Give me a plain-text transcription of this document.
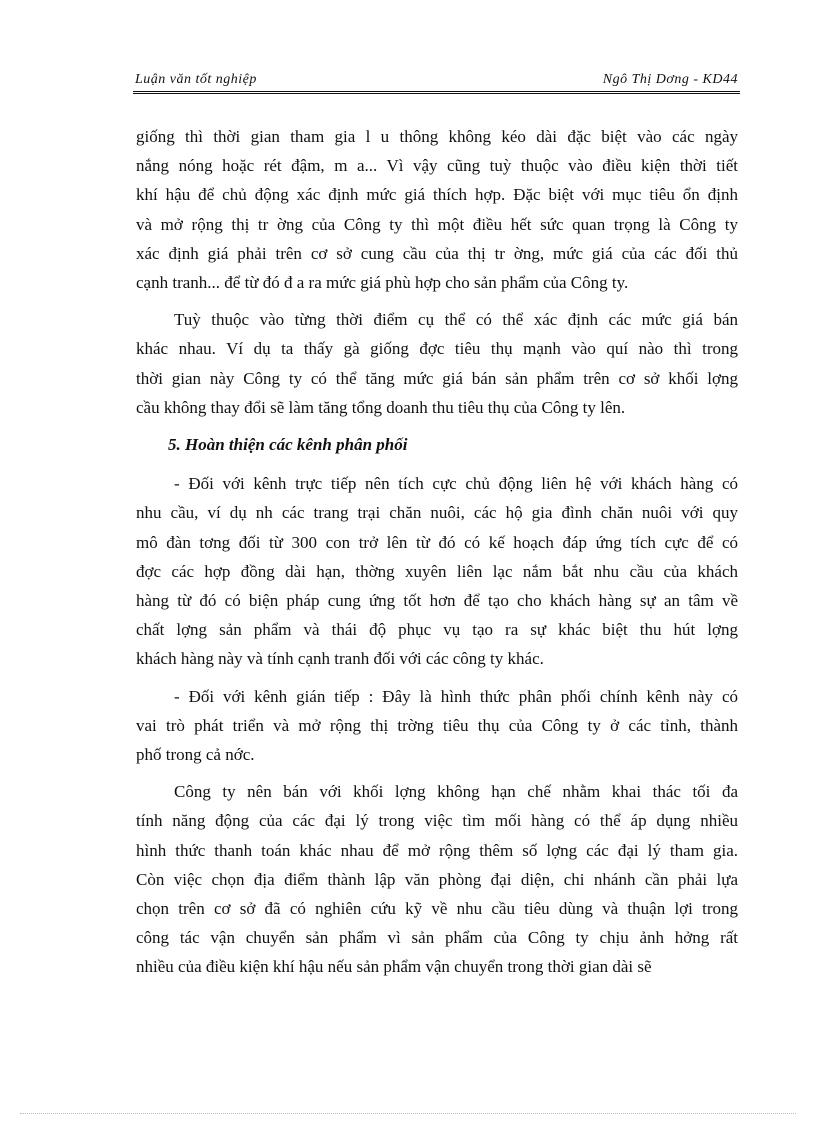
Luận văn tốt nghiệp	Ngô Thị Dơng - KD44

giống thì thời gian tham gia l u thông không kéo dài đặc biệt vào các ngày
nắng nóng hoặc rét đậm, m a... Vì vậy cũng tuỳ thuộc vào điều kiện thời tiết
khí hậu để chủ động xác định mức giá thích hợp. Đặc biệt với mục tiêu ổn định
và mở rộng thị tr ờng của Công ty thì một điều hết sức quan trọng là Công ty
xác định giá phải trên cơ sở cung cầu của thị tr ờng, mức giá của các đối thủ
cạnh tranh... để từ đó đ a ra mức giá phù hợp cho sản phẩm của Công ty.

Tuỳ thuộc vào từng thời điểm cụ thể có thể xác định các mức giá bán
khác nhau. Ví dụ ta thấy gà giống đợc tiêu thụ mạnh vào quí nào thì trong
thời gian này Công ty có thể tăng mức giá bán sản phẩm trên cơ sở khối lợng
cầu không thay đổi sẽ làm tăng tổng doanh thu tiêu thụ của Công ty lên.

5. Hoàn thiện các kênh phân phối

- Đối với kênh trực tiếp nên tích cực chủ động liên hệ với khách hàng có
nhu cầu, ví dụ nh các trang trại chăn nuôi, các hộ gia đình chăn nuôi với quy
mô đàn tơng đối từ 300 con trở lên từ đó có kế hoạch đáp ứng tích cực để có
đợc các hợp đồng dài hạn, thờng xuyên liên lạc nắm bắt nhu cầu của khách
hàng từ đó có biện pháp cung ứng tốt hơn để tạo cho khách hàng sự an tâm về
chất lợng sản phẩm và thái độ phục vụ tạo ra sự khác biệt thu hút lợng
khách hàng này và tính cạnh tranh đối với các công ty khác.

- Đối với kênh gián tiếp : Đây là hình thức phân phối chính kênh này có
vai trò phát triển và mở rộng thị trờng tiêu thụ của Công ty ở các tỉnh, thành
phố trong cả nớc.

Công ty nên bán với khối lợng không hạn chế nhằm khai thác tối đa
tính năng động của các đại lý trong việc tìm mối hàng có thể áp dụng nhiều
hình thức thanh toán khác nhau để mở rộng thêm số lợng các đại lý tham gia.
Còn việc chọn địa điểm thành lập văn phòng đại diện, chi nhánh cần phải lựa
chọn trên cơ sở đã có nghiên cứu kỹ về nhu cầu tiêu dùng và thuận lợi trong
công tác vận chuyển sản phẩm vì sản phẩm của Công ty chịu ảnh hởng rất
nhiều của điều kiện khí hậu nếu sản phẩm vận chuyển trong thời gian dài sẽ
